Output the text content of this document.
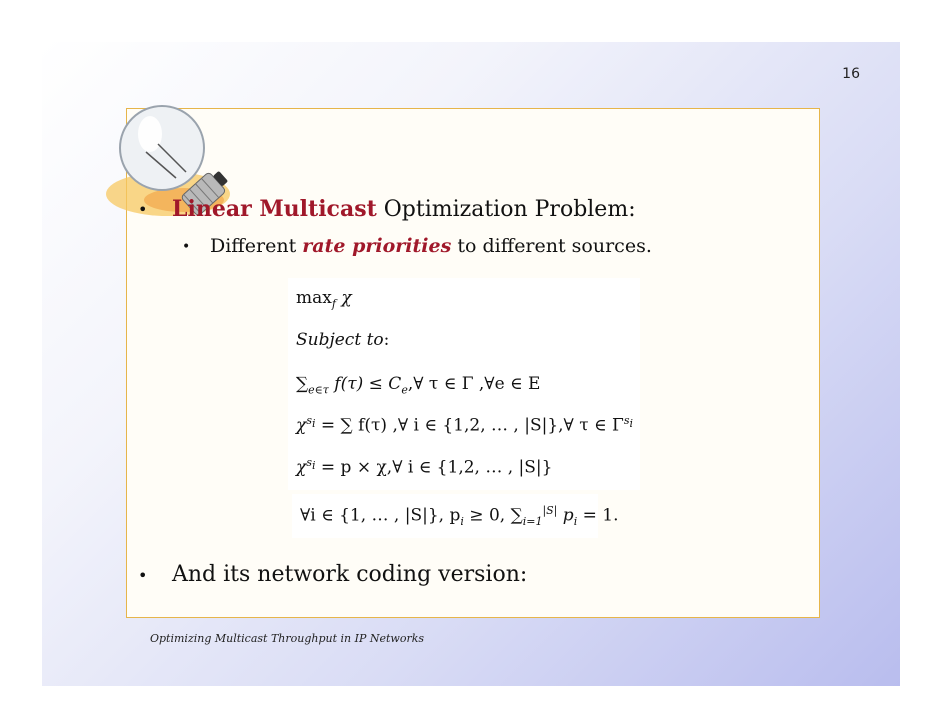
16
• Linear Multicast Optimization Problem:
• Different rate priorities to different sources.
$\max_f \chi$
Subject to:
$\sum_{e\in\tau}$ $f(\tau) \le C_e,\forall$ τ ∈ Γ ,∀e ∈ E
$\chi^{s_i}$ = ∑ f(τ) ,∀ i ∈ {1,2, … , |S|},∀ τ ∈ $\Gamma^{s_i}$
$\chi^{s_i} = p$ × χ,∀ i ∈ {1,2, … , |S|}
∀i ∈ {1, … , |S|}, $p_i \ge 0$, $\sum_{i=1}^{|S|}$ $p_i = 1$.
• And its network coding version:
Optimizing Multicast Throughput in IP Networks
